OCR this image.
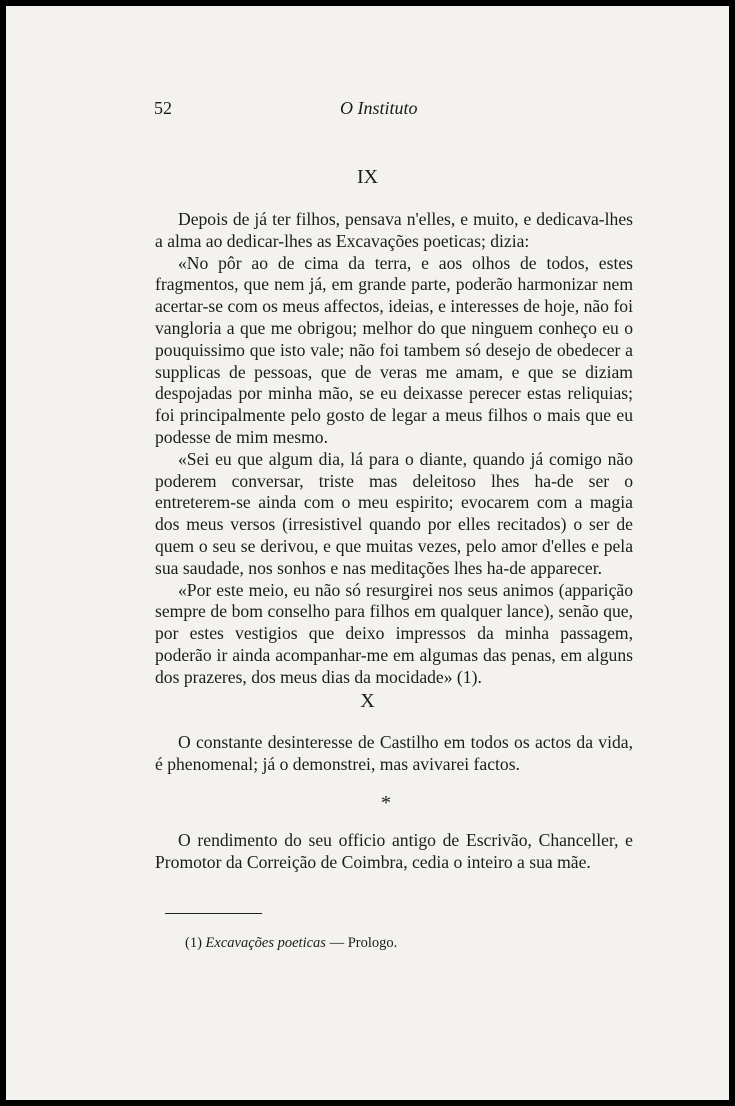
52	O Instituto
IX

Depois de já ter filhos, pensava n'elles, e muito, e dedicava-lhes a alma ao dedicar-lhes as Excavações poeticas; dizia:

«No pôr ao de cima da terra, e aos olhos de todos, estes fragmentos, que nem já, em grande parte, poderão harmonizar nem acertar-se com os meus affectos, ideias, e interesses de hoje, não foi vangloria a que me obrigou; melhor do que ninguem conheço eu o pouquissimo que isto vale; não foi tambem só desejo de obedecer a supplicas de pessoas, que de veras me amam, e que se diziam despojadas por minha mão, se eu deixasse perecer estas reliquias; foi principalmente pelo gosto de legar a meus filhos o mais que eu podesse de mim mesmo.

«Sei eu que algum dia, lá para o diante, quando já comigo não poderem conversar, triste mas deleitoso lhes ha-de ser o entreterem-se ainda com o meu espirito; evocarem com a magia dos meus versos (irresistivel quando por elles recitados) o ser de quem o seu se derivou, e que muitas vezes, pelo amor d'elles e pela sua saudade, nos sonhos e nas meditações lhes ha-de apparecer.

«Por este meio, eu não só resurgirei nos seus animos (apparição sempre de bom conselho para filhos em qualquer lance), senão que, por estes vestigios que deixo impressos da minha passagem, poderão ir ainda acompanhar-me em algumas das penas, em alguns dos prazeres, dos meus dias da mocidade» (1).

X

O constante desinteresse de Castilho em todos os actos da vida, é phenomenal; já o demonstrei, mas avivarei factos.

*

O rendimento do seu officio antigo de Escrivão, Chanceller, e Promotor da Correição de Coimbra, cedia o inteiro a sua mãe.

(1) Excavações poeticas — Prologo.
